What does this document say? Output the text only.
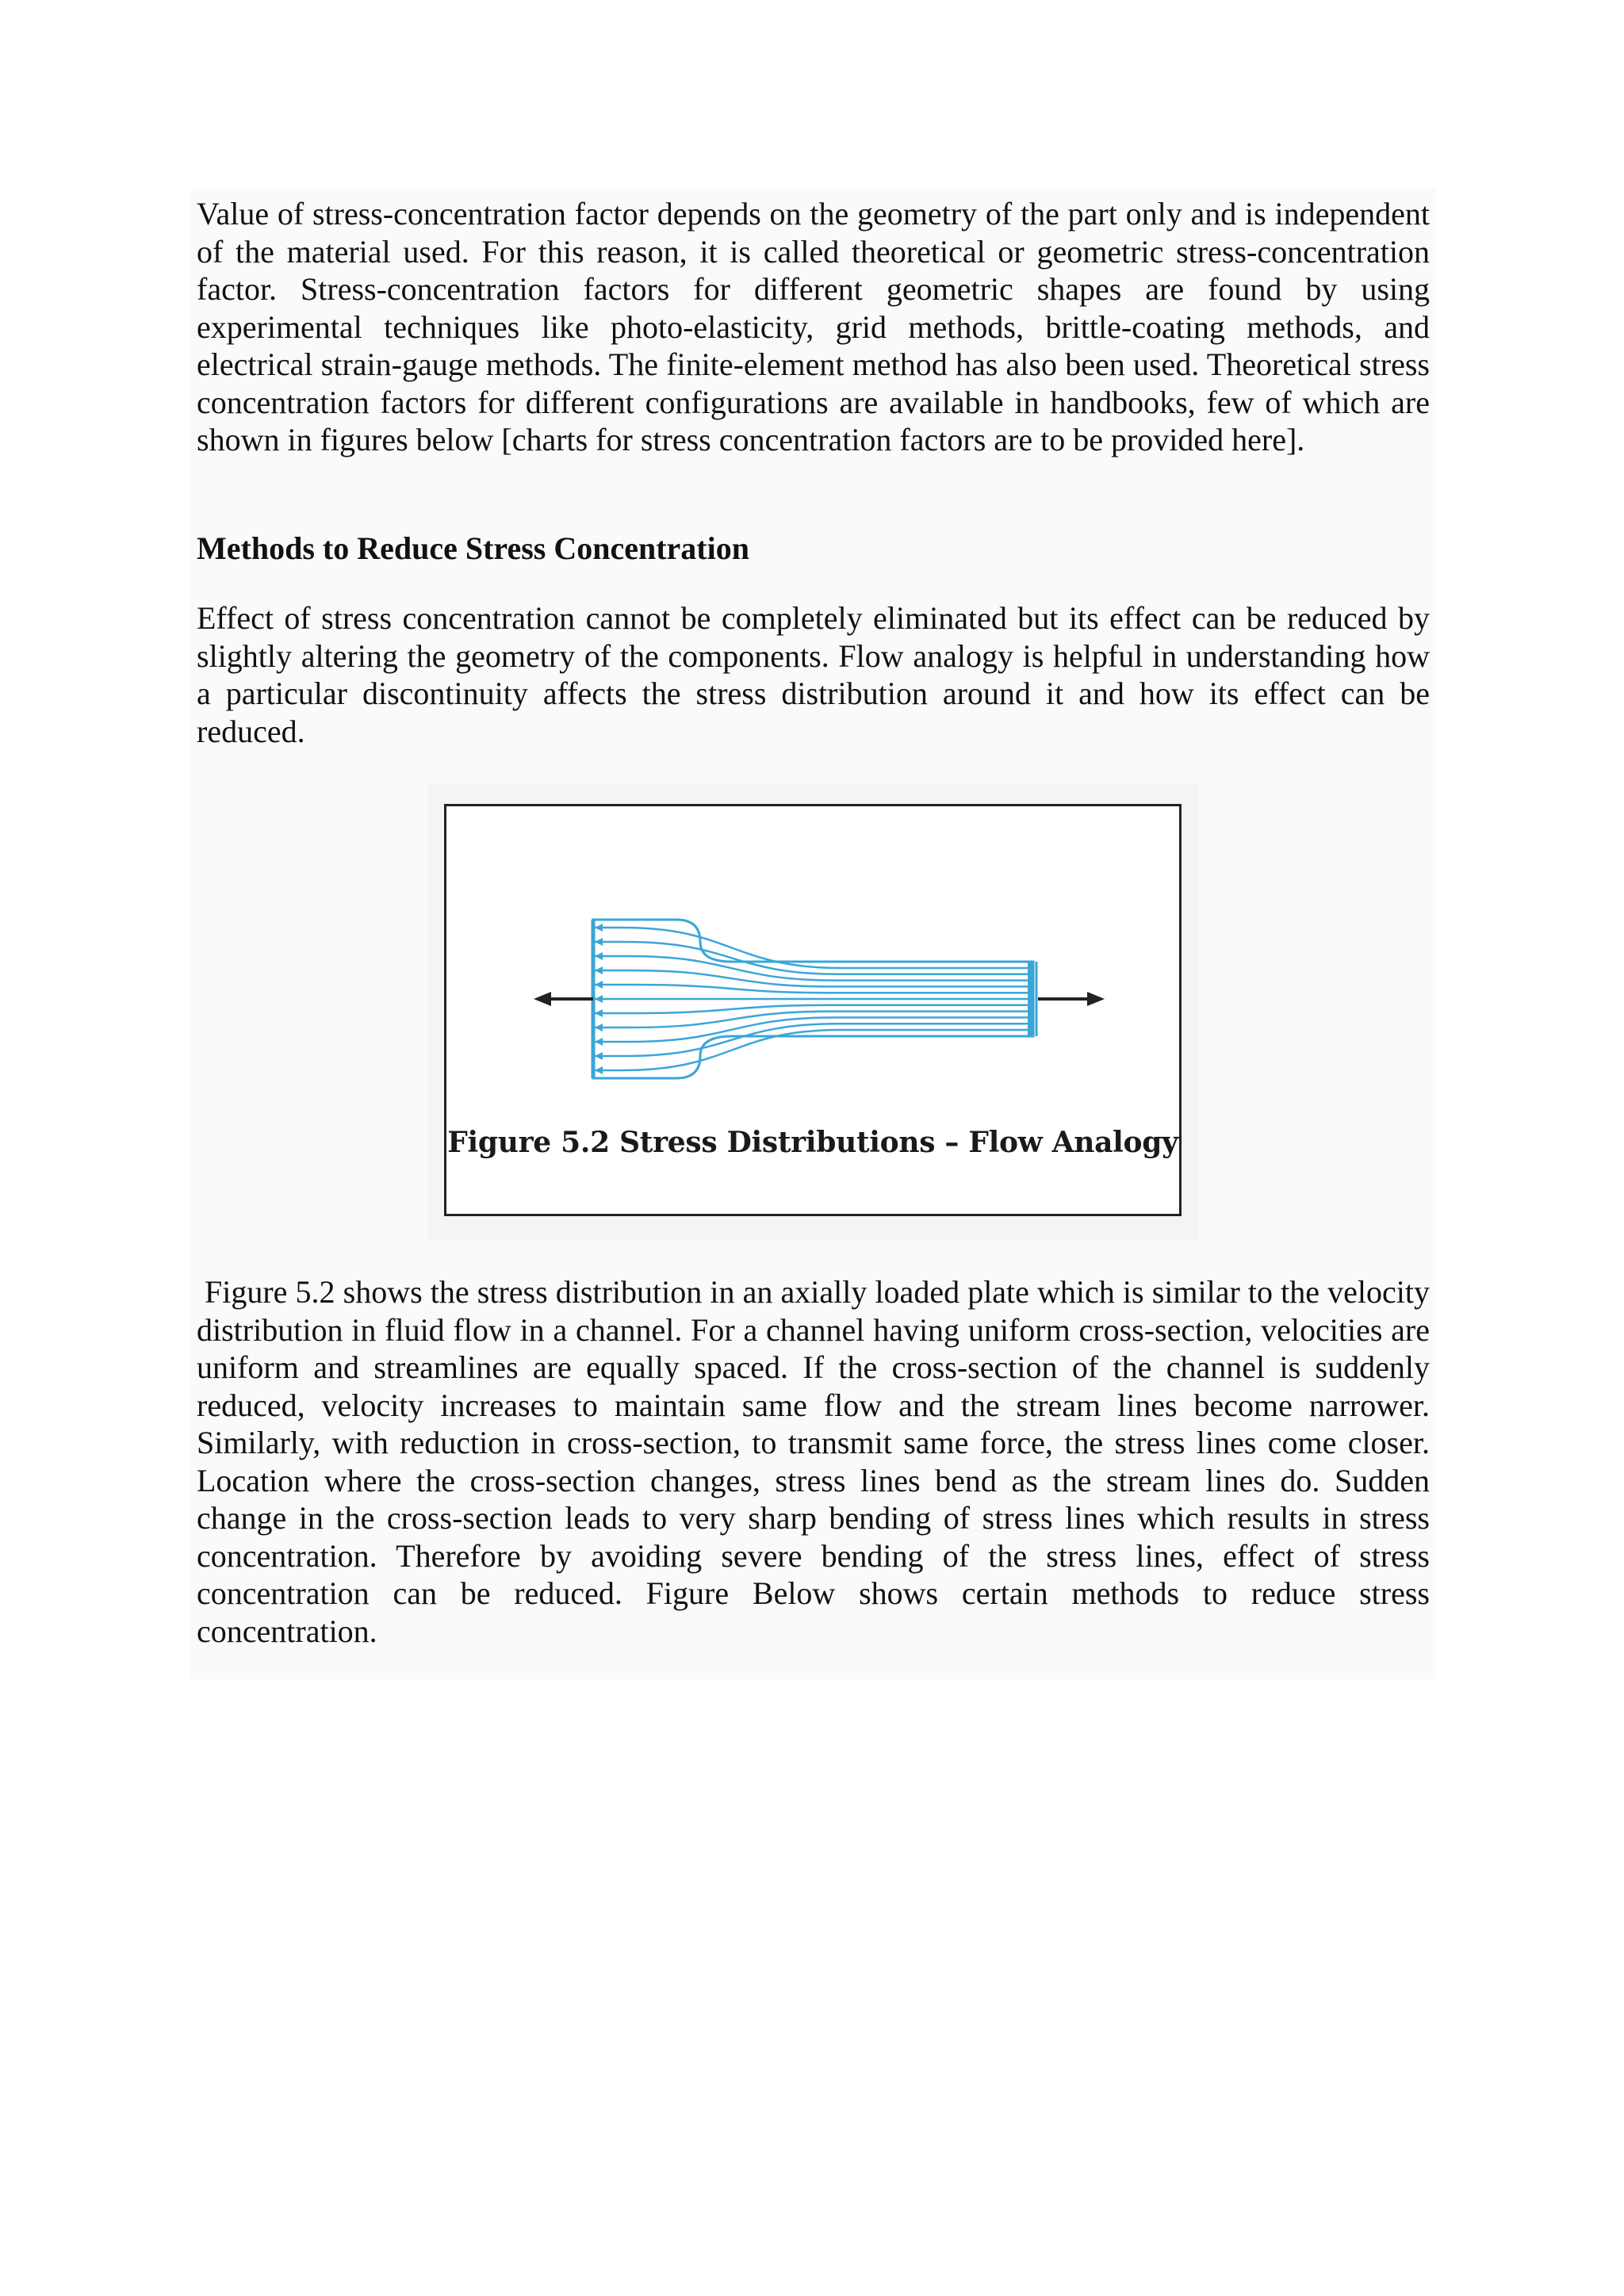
Value of stress-concentration factor depends on the geometry of the part only and is independent of the material used. For this reason, it is called theoretical or geometric stress-concentration factor. Stress-concentration factors for different geometric shapes are found by using experimental techniques like photo-elasticity, grid methods, brittle-coating methods, and electrical strain-gauge methods. The finite-element method has also been used. Theoretical stress concentration factors for different configurations are available in handbooks, few of which are shown in figures below [charts for stress concentration factors are to be provided here].

Methods to Reduce Stress Concentration

Effect of stress concentration cannot be completely eliminated but its effect can be reduced by slightly altering the geometry of the components. Flow analogy is helpful in understanding how a particular discontinuity affects the stress distribution around it and how its effect can be reduced.

Figure 5.2 Stress Distributions – Flow Analogy

Figure 5.2 shows the stress distribution in an axially loaded plate which is similar to the velocity distribution in fluid flow in a channel. For a channel having uniform cross-section, velocities are uniform and streamlines are equally spaced. If the cross-section of the channel is suddenly reduced, velocity increases to maintain same flow and the stream lines become narrower. Similarly, with reduction in cross-section, to transmit same force, the stress lines come closer. Location where the cross-section changes, stress lines bend as the stream lines do. Sudden change in the cross-section leads to very sharp bending of stress lines which results in stress concentration. Therefore by avoiding severe bending of the stress lines, effect of stress concentration can be reduced. Figure Below shows certain methods to reduce stress concentration.
